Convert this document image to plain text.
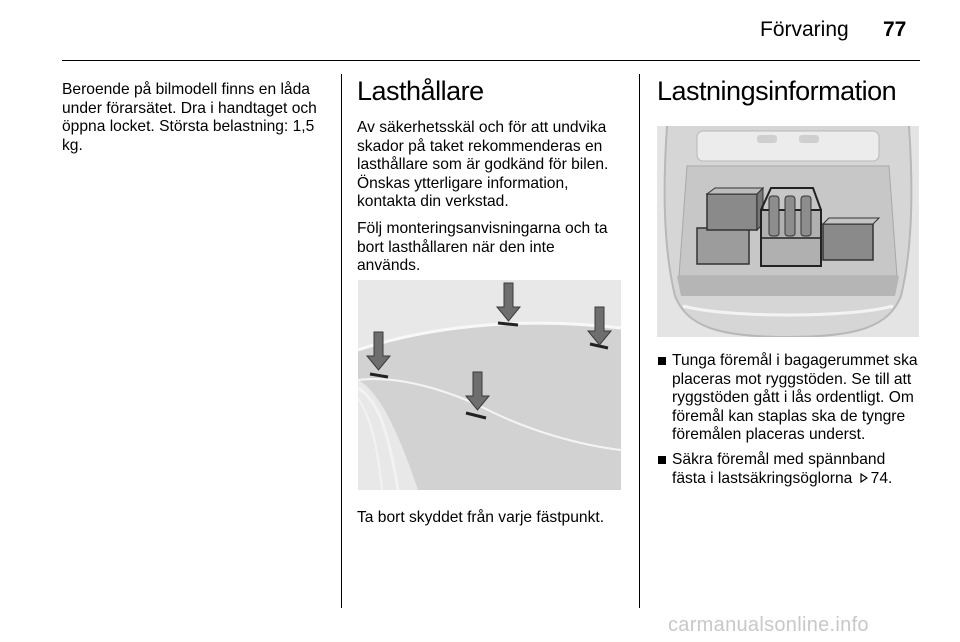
Förvaring 77

Beroende på bilmodell finns en låda under förarsätet. Dra i handtaget och öppna locket. Största belastning: 1,5 kg.

Lasthållare

Av säkerhetsskäl och för att undvika skador på taket rekommenderas en lasthållare som är godkänd för bilen. Önskas ytterligare information, kontakta din verkstad.

Följ monteringsanvisningarna och ta bort lasthållaren när den inte används.

Ta bort skyddet från varje fästpunkt.
Lastningsinformation
Tunga föremål i bagagerummet ska placeras mot ryggstöden. Se till att ryggstöden gått i lås ordentligt. Om föremål kan staplas ska de tyngre föremålen placeras underst.
Säkra föremål med spännband fästa i lastsäkringsöglorna 74.
carmanualsonline.info
